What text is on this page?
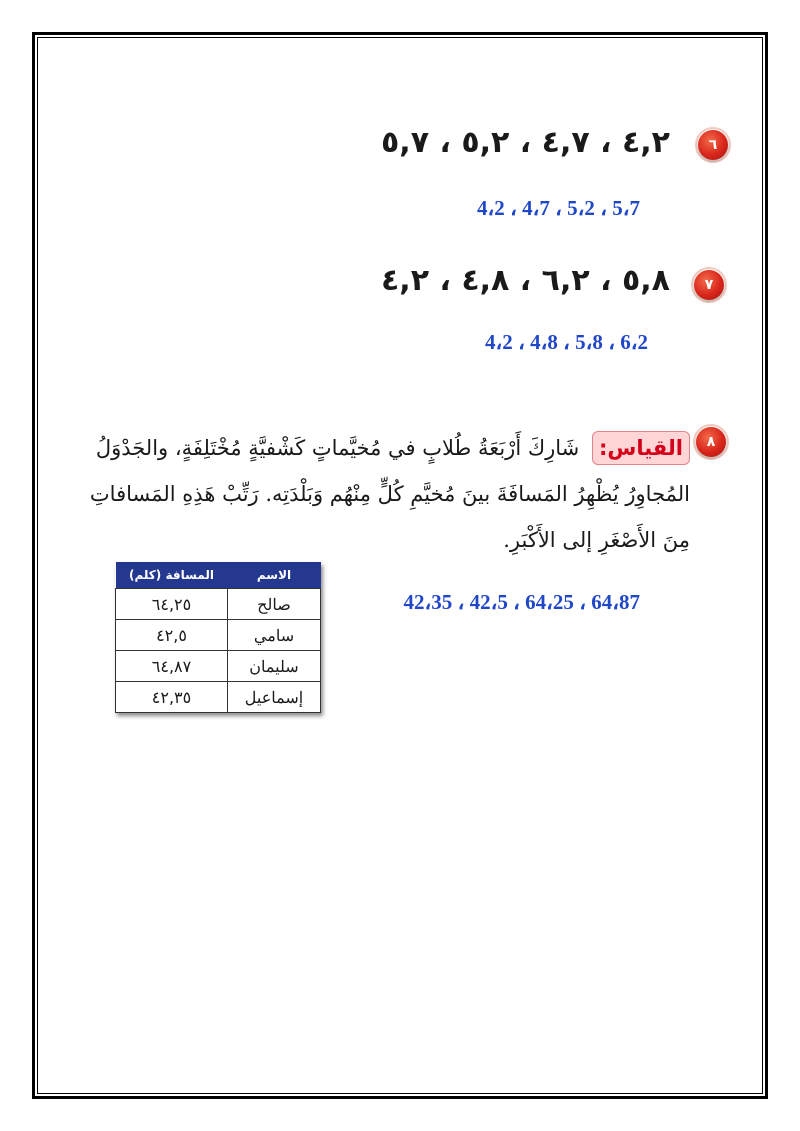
٦
٤,٢ ، ٤,٧ ، ٥,٢ ، ٥,٧
5،7 ، 5،2 ، 4،7 ، 4،2
٧
٥,٨ ، ٦,٢ ، ٤,٨ ، ٤,٢
6،2 ، 5،8 ، 4،8 ، 4،2
٨
القياس: شَارِكَ أَرْبَعَةُ طُلابٍ في مُخيَّماتٍ كَشْفيَّةٍ مُخْتَلِفَةٍ، والجَدْوَلُ المُجاوِرُ يُظْهِرُ المَسافَةَ بينَ مُخيَّمِ كُلٍّ مِنْهُم وَبَلْدَتِه. رَتِّبْ هَذِهِ المَسافاتِ مِنَ الأَصْغَرِ إلى الأَكْبَرِ.
الاسم	المسافة (كلم)
صالح	٦٤,٢٥
سامي	٤٢,٥
سليمان	٦٤,٨٧
إسماعيل	٤٢,٣٥
64،87 ، 64،25 ، 42،5 ، 42،35
